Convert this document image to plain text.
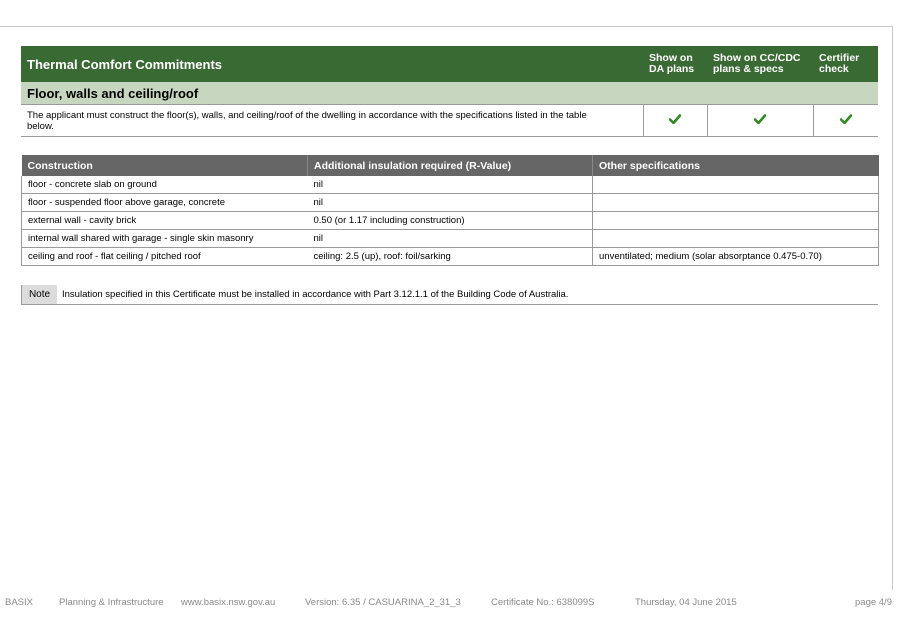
Thermal Comfort Commitments	Show on DA plans	Show on CC/CDC plans & specs	Certifier check
Floor, walls and ceiling/roof			
The applicant must construct the floor(s), walls, and ceiling/roof of the dwelling in accordance with the specifications listed in the table below.			
Construction	Additional insulation required (R-Value)	Other specifications
floor - concrete slab on ground	nil	
floor - suspended floor above garage, concrete	nil	
external wall - cavity brick	0.50 (or 1.17 including construction)	
internal wall shared with garage - single skin masonry	nil	
ceiling and roof - flat ceiling / pitched roof	ceiling: 2.5 (up), roof: foil/sarking	unventilated; medium (solar absorptance 0.475-0.70)
Note	Insulation specified in this Certificate must be installed in accordance with Part 3.12.1.1 of the Building Code of Australia.
BASIX	Planning & Infrastructure www.basix.nsw.gov.au	Version: 6.35 / CASUARINA_2_31_3	Certificate No.: 638099S	Thursday, 04 June 2015	page 4/9
